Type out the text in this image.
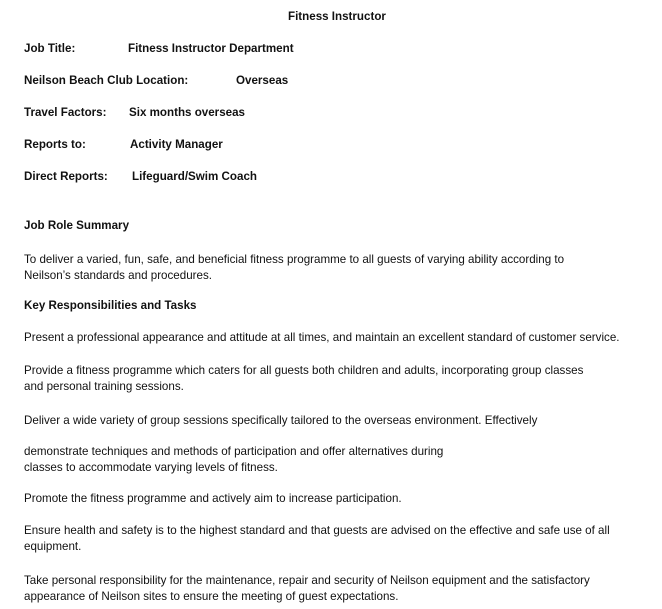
Fitness Instructor
Job Title:	Fitness Instructor Department
Neilson Beach Club Location:	Overseas
Travel Factors: Six months overseas
Reports to:	Activity Manager
Direct Reports: Lifeguard/Swim Coach
Job Role Summary
To deliver a varied, fun, safe, and beneficial fitness programme to all guests of varying ability according to
Neilson’s standards and procedures.
Key Responsibilities and Tasks
Present a professional appearance and attitude at all times, and maintain an excellent standard of customer service.
Provide a fitness programme which caters for all guests both children and adults, incorporating group classes
and personal training sessions.
Deliver a wide variety of group sessions specifically tailored to the overseas environment. Effectively
demonstrate techniques and methods of participation and offer alternatives during
classes to accommodate varying levels of fitness.
Promote the fitness programme and actively aim to increase participation.
Ensure health and safety is to the highest standard and that guests are advised on the effective and safe use of all
equipment.
Take personal responsibility for the maintenance, repair and security of Neilson equipment and the satisfactory
appearance of Neilson sites to ensure the meeting of guest expectations.
